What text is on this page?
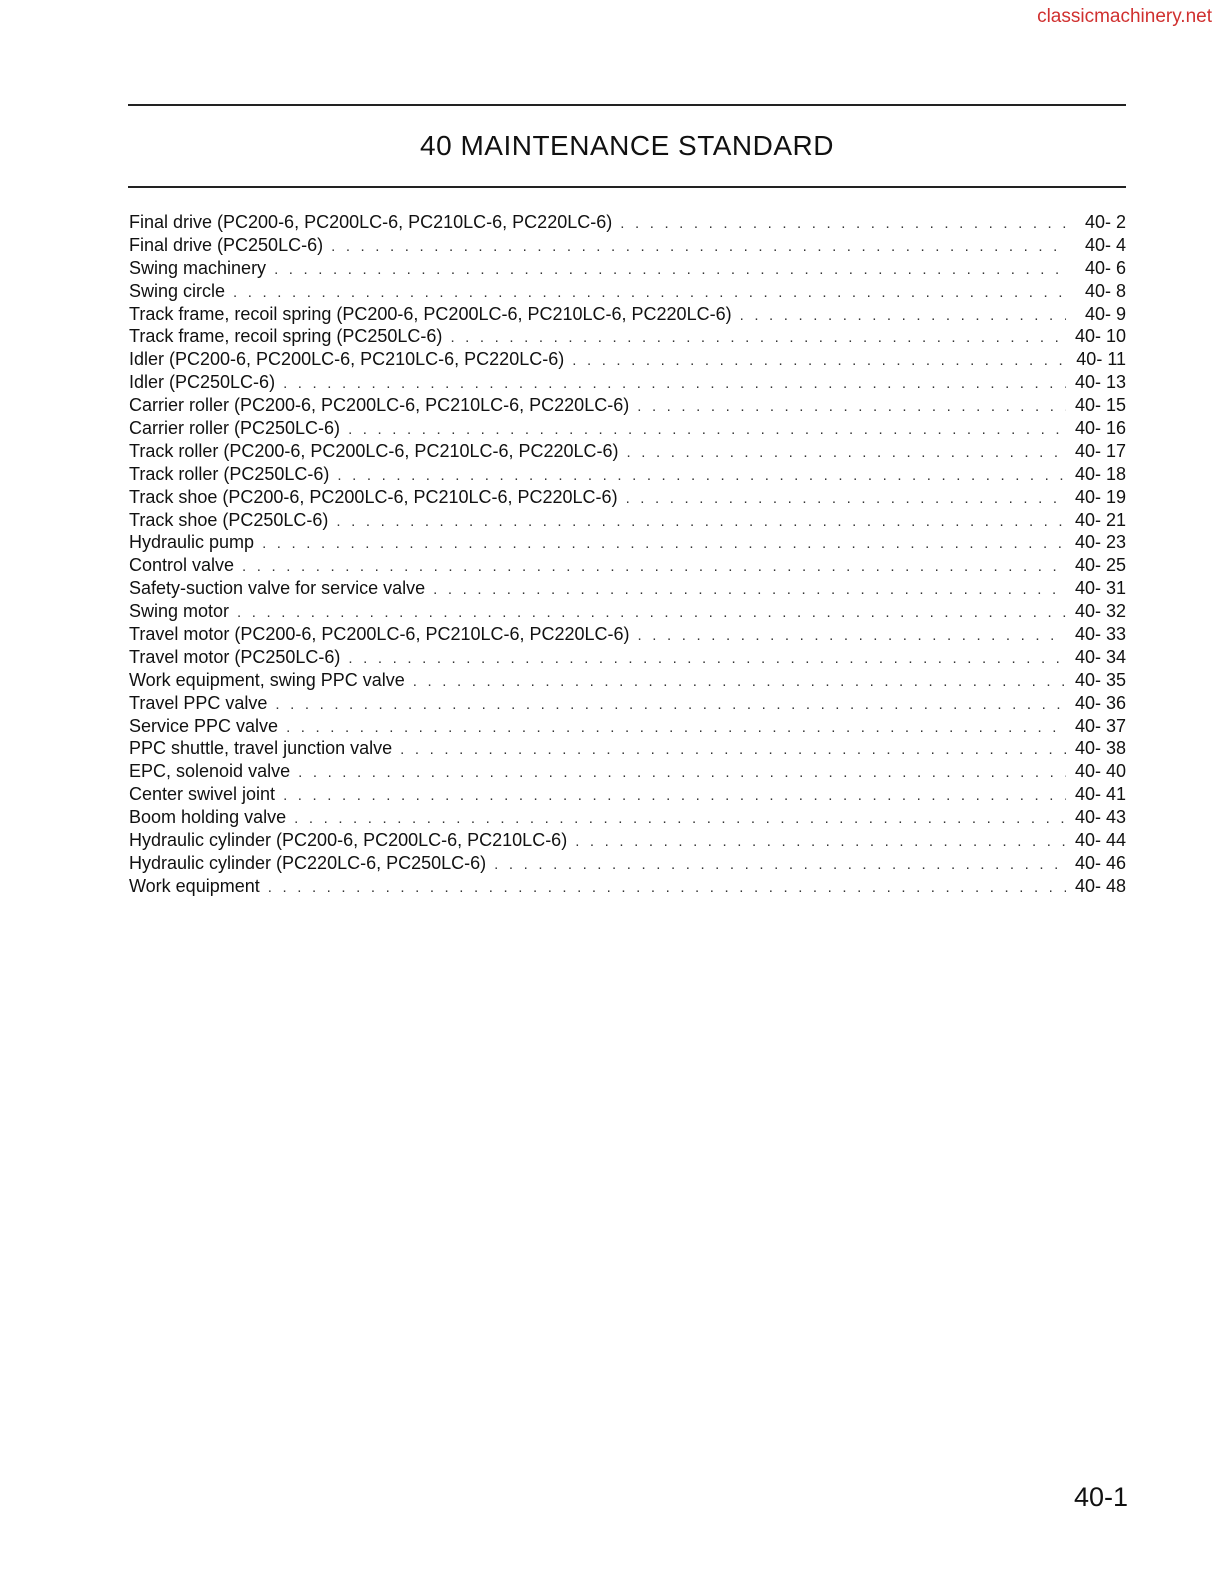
classicmachinery.net
40 MAINTENANCE STANDARD
Final drive (PC200-6, PC200LC-6, PC210LC-6, PC220LC-6) . . .	40- 2
Final drive (PC250LC-6) . . .	40- 4
Swing machinery . . .	40- 6
Swing circle . . .	40- 8
Track frame, recoil spring (PC200-6, PC200LC-6, PC210LC-6, PC220LC-6) . . .	40- 9
Track frame, recoil spring (PC250LC-6) . . .	40- 10
Idler (PC200-6, PC200LC-6, PC210LC-6, PC220LC-6) . . .	40- 11
Idler (PC250LC-6) . . .	40- 13
Carrier roller (PC200-6, PC200LC-6, PC210LC-6, PC220LC-6) . . .	40- 15
Carrier roller (PC250LC-6) . . .	40- 16
Track roller (PC200-6, PC200LC-6, PC210LC-6, PC220LC-6) . . .	40- 17
Track roller (PC250LC-6) . . .	40- 18
Track shoe (PC200-6, PC200LC-6, PC210LC-6, PC220LC-6) . . .	40- 19
Track shoe (PC250LC-6) . . .	40- 21
Hydraulic pump . . .	40- 23
Control valve . . .	40- 25
Safety-suction valve for service valve . . .	40- 31
Swing motor . . .	40- 32
Travel motor (PC200-6, PC200LC-6, PC210LC-6, PC220LC-6) . . .	40- 33
Travel motor (PC250LC-6) . . .	40- 34
Work equipment, swing PPC valve . . .	40- 35
Travel PPC valve . . .	40- 36
Service PPC valve . . .	40- 37
PPC shuttle, travel junction valve . . .	40- 38
EPC, solenoid valve . . .	40- 40
Center swivel joint . . .	40- 41
Boom holding valve . . .	40- 43
Hydraulic cylinder (PC200-6, PC200LC-6, PC210LC-6) . . .	40- 44
Hydraulic cylinder (PC220LC-6, PC250LC-6) . . .	40- 46
Work equipment . . .	40- 48
40-1
